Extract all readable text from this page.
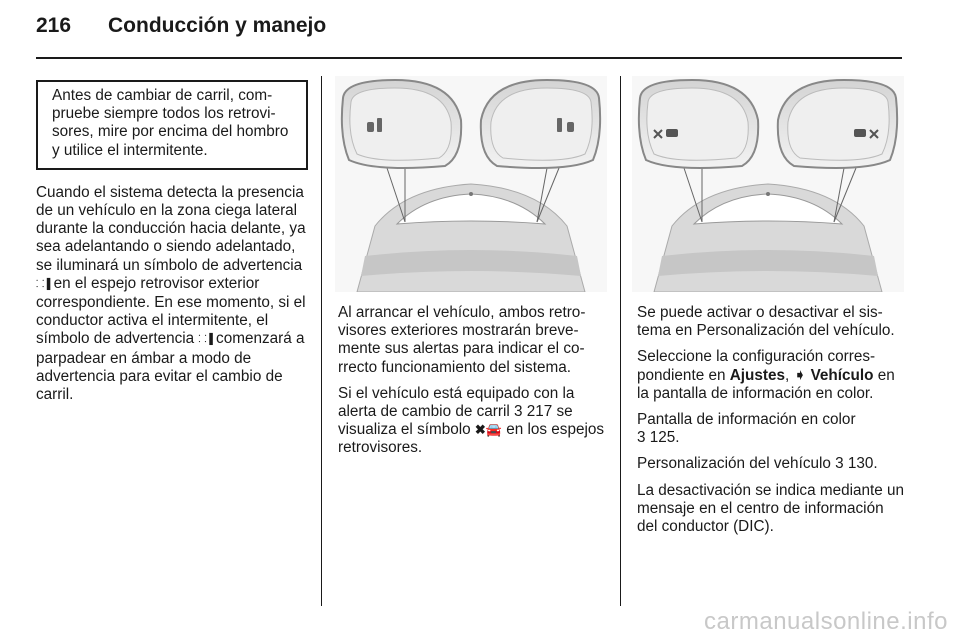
216 Conducción y manejo

Antes de cambiar de carril, compruebe siempre todos los retrovisores, mire por encima del hombro y utilice el intermitente.

Cuando el sistema detecta la presencia de un vehículo en la zona ciega lateral durante la conducción hacia delante, ya sea adelantando o siendo adelantado, se iluminará un símbolo de advertencia ⸬▐ en el espejo retrovisor exterior correspondiente. En ese momento, si el conductor activa el intermitente, el símbolo de advertencia ⸬▐ comenzará a parpadear en ámbar a modo de advertencia para evitar el cambio de carril.

Al arrancar el vehículo, ambos retrovisores exteriores mostrarán brevemente sus alertas para indicar el correcto funcionamiento del sistema.

Si el vehículo está equipado con la alerta de cambio de carril 3 217 se visualiza el símbolo ✖🚘 en los espejos retrovisores.

Se puede activar o desactivar el sistema en Personalización del vehículo.

Seleccione la configuración correspondiente en Ajustes, ➧ Vehículo en la pantalla de información en color.

Pantalla de información en color
3 125.

Personalización del vehículo 3 130.

La desactivación se indica mediante un mensaje en el centro de información del conductor (DIC).

carmanualsonline.info
